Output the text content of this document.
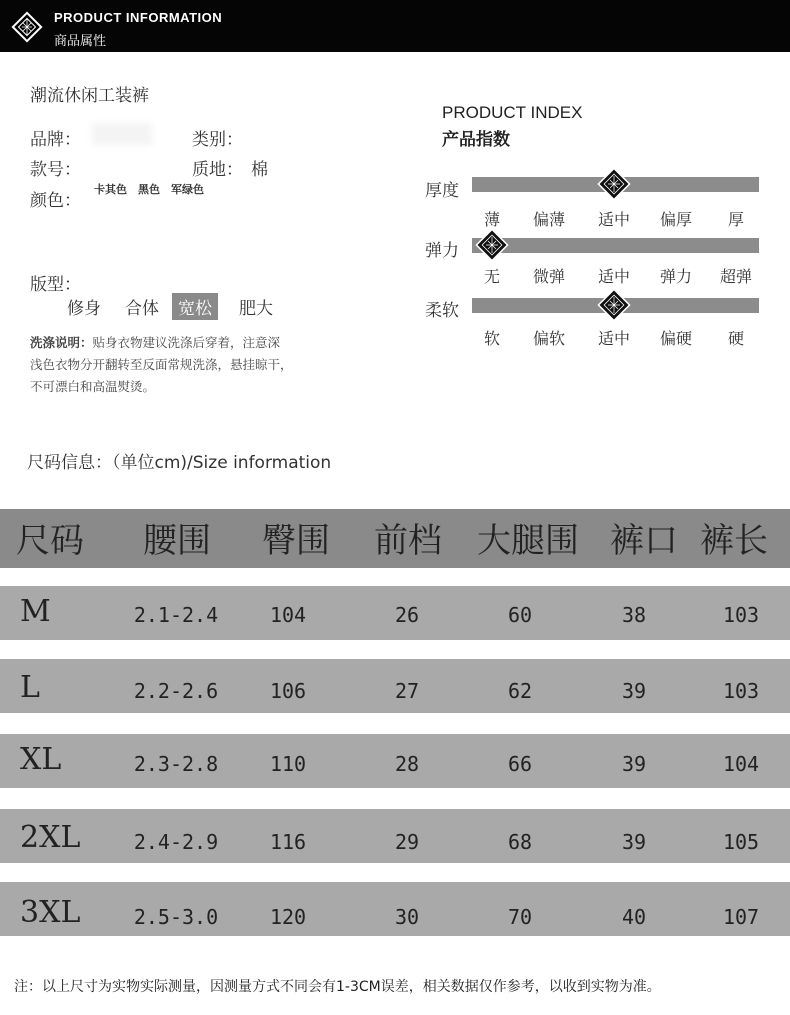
PRODUCT INFORMATION
商品属性
潮流休闲工装裤
品牌：	类别：
款号：	质地： 棉
颜色：
卡其色 黑色 军绿色
版型：
修身 合体	宽松	肥大
洗涤说明：贴身衣物建议洗涤后穿着，注意深
浅色衣物分开翻转至反面常规洗涤，悬挂晾干，
不可漂白和高温熨烫。
尺码信息：（单位cm)/Size information
PRODUCT INDEX
产品指数
厚度
薄	偏薄	适中	偏厚	厚
弹力
无	微弹	适中	弹力	超弹
柔软
软	偏软	适中	偏硬	硬
尺码 腰围 臀围 前档 大腿围 裤口 裤长
M	2.1-2.4	104	26	60	38	103
L	2.2-2.6	106	27	62	39	103
XL	2.3-2.8	110	28	66	39	104
2XL	2.4-2.9	116	29	68	39	105
3XL	2.5-3.0	120	30	70	40	107
注：以上尺寸为实物实际测量，因测量方式不同会有1-3CM误差，相关数据仅作参考，以收到实物为准。
